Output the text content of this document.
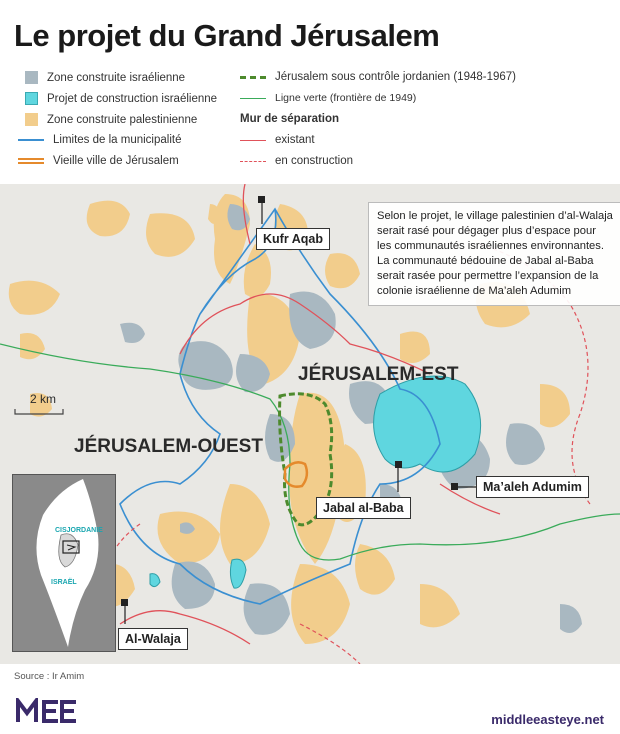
Le projet du Grand Jérusalem
Zone construite israélienne
Projet de construction israélienne
Zone construite palestinienne
Limites de la municipalité
Vieille ville de Jérusalem
Jérusalem sous contrôle jordanien (1948-1967)
Ligne verte (frontière de 1949)
Mur de séparation
existant
en construction
2 km
JÉRUSALEM-EST
JÉRUSALEM-OUEST
Kufr Aqab
Jabal al-Baba
Ma’aleh Adumim
Al-Walaja
Selon le projet, le village palestinien d’al-Walaja serait rasé pour dégager plus d’espace pour les communautés israéliennes environnantes. La communauté bédouine de Jabal al-Baba serait rasée pour permettre l’expansion de la colonie israélienne de Ma’aleh Adumim
CISJORDANIE
ISRAËL
Source : Ir Amim
middleeasteye.net
